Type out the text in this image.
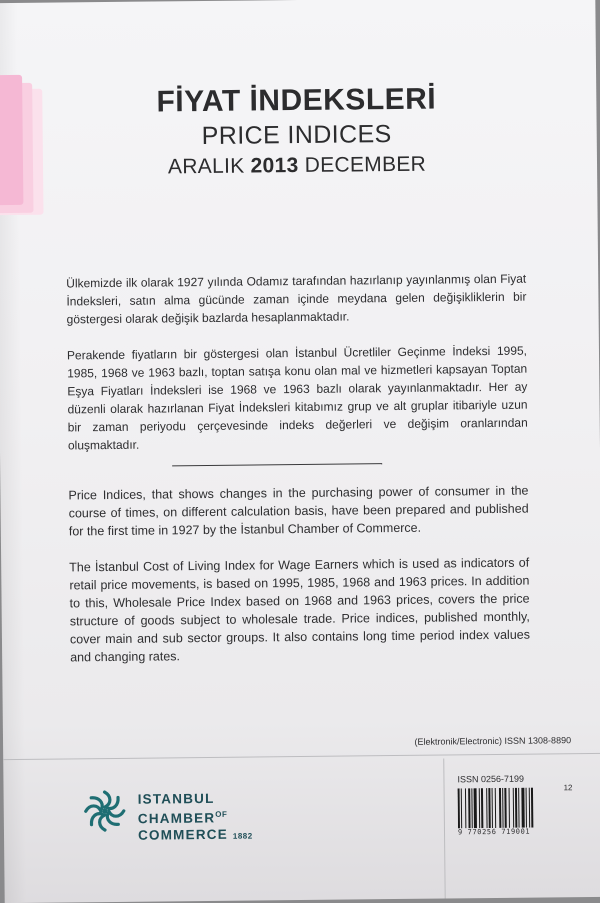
FİYAT İNDEKSLERİ
PRICE INDICES
ARALIK 2013 DECEMBER
Ülkemizde ilk olarak 1927 yılında Odamız tarafından hazırlanıp yayınlanmış olan Fiyat İndeksleri, satın alma gücünde zaman içinde meydana gelen değişikliklerin bir göstergesi olarak değişik bazlarda hesaplanmaktadır.
Perakende fiyatların bir göstergesi olan İstanbul Ücretliler Geçinme İndeksi 1995, 1985, 1968 ve 1963 bazlı, toptan satışa konu olan mal ve hizmetleri kapsayan Toptan Eşya Fiyatları İndeksleri ise 1968 ve 1963 bazlı olarak yayınlanmaktadır. Her ay düzenli olarak hazırlanan Fiyat İndeksleri kitabımız grup ve alt gruplar itibariyle uzun bir zaman periyodu çerçevesinde indeks değerleri ve değişim oranlarından oluşmaktadır.
Price Indices, that shows changes in the purchasing power of consumer in the course of times, on different calculation basis, have been prepared and published for the first time in 1927 by the İstanbul Chamber of Commerce.
The İstanbul Cost of Living Index for Wage Earners which is used as indicators of retail price movements, is based on 1995, 1985, 1968 and 1963 prices. In addition to this, Wholesale Price Index based on 1968 and 1963 prices, covers the price structure of goods subject to wholesale trade. Price indices, published monthly, cover main and sub sector groups. It also contains long time period index values and changing rates.
(Elektronik/Electronic) ISSN 1308-8890
ISTANBUL
$CHAMBER^{OF}$
COMMERCE 1882
ISSN 0256-7199
12
9 770256 719001
